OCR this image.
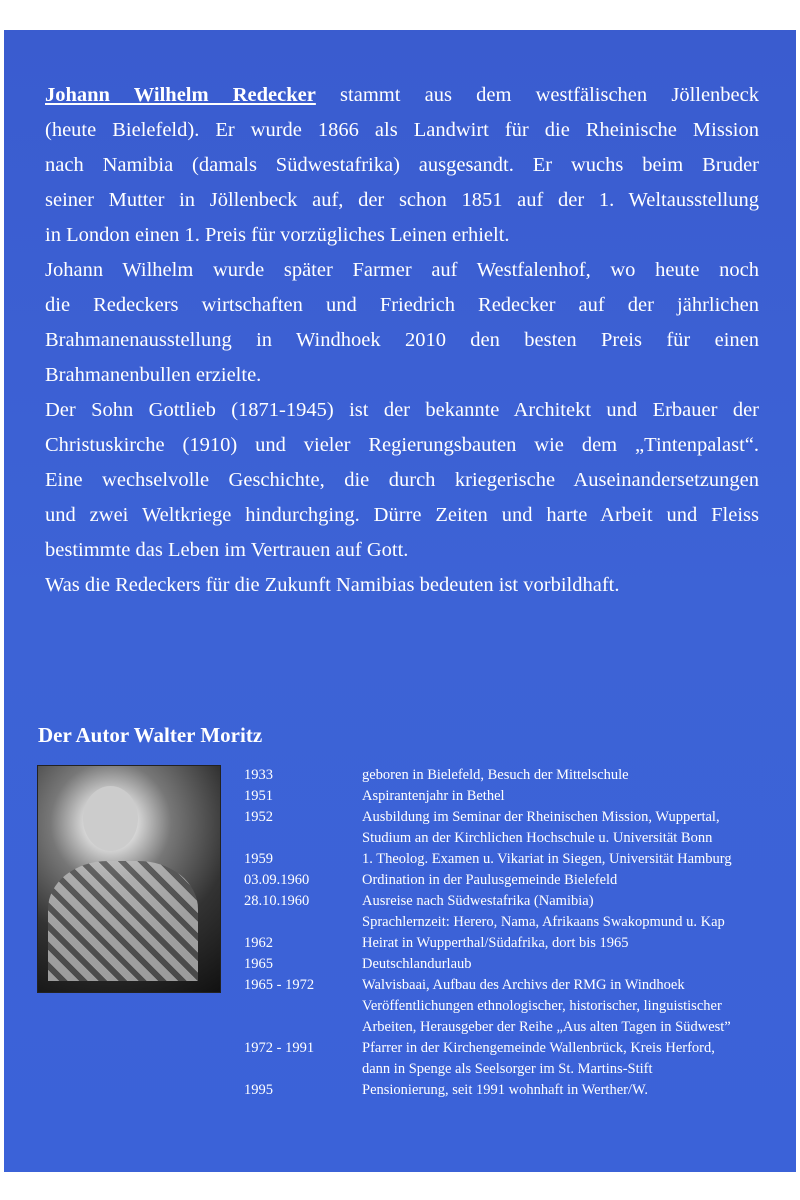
Johann Wilhelm Redecker stammt aus dem westfälischen Jöllenbeck
(heute Bielefeld). Er wurde 1866 als Landwirt für die Rheinische Mission
nach Namibia (damals Südwestafrika) ausgesandt. Er wuchs beim Bruder
seiner Mutter in Jöllenbeck auf, der schon 1851 auf der 1. Weltausstellung
in London einen 1. Preis für vorzügliches Leinen erhielt.
Johann Wilhelm wurde später Farmer auf Westfalenhof, wo heute noch
die Redeckers wirtschaften und Friedrich Redecker auf der jährlichen
Brahmanenausstellung in Windhoek 2010 den besten Preis für einen
Brahmanenbullen erzielte.
Der Sohn Gottlieb (1871-1945) ist der bekannte Architekt und Erbauer der
Christuskirche (1910) und vieler Regierungsbauten wie dem „Tintenpalast“.
Eine wechselvolle Geschichte, die durch kriegerische Auseinandersetzungen
und zwei Weltkriege hindurchging. Dürre Zeiten und harte Arbeit und Fleiss
bestimmte das Leben im Vertrauen auf Gott.
Was die Redeckers für die Zukunft Namibias bedeuten ist vorbildhaft.
Der Autor Walter Moritz
1933	geboren in Bielefeld, Besuch der Mittelschule
1951	Aspirantenjahr in Bethel
1952	Ausbildung im Seminar der Rheinischen Mission, Wuppertal,
Studium an der Kirchlichen Hochschule u. Universität Bonn
1959	1. Theolog. Examen u. Vikariat in Siegen, Universität Hamburg
03.09.1960	Ordination in der Paulusgemeinde Bielefeld
28.10.1960	Ausreise nach Südwestafrika (Namibia)
Sprachlernzeit: Herero, Nama, Afrikaans Swakopmund u. Kap
1962	Heirat in Wupperthal/Südafrika, dort bis 1965
1965	Deutschlandurlaub
1965 - 1972	Walvisbaai, Aufbau des Archivs der RMG in Windhoek
Veröffentlichungen ethnologischer, historischer, linguistischer
Arbeiten, Herausgeber der Reihe „Aus alten Tagen in Südwest”
1972 - 1991	Pfarrer in der Kirchengemeinde Wallenbrück, Kreis Herford,
dann in Spenge als Seelsorger im St. Martins-Stift
1995	Pensionierung, seit 1991 wohnhaft in Werther/W.
